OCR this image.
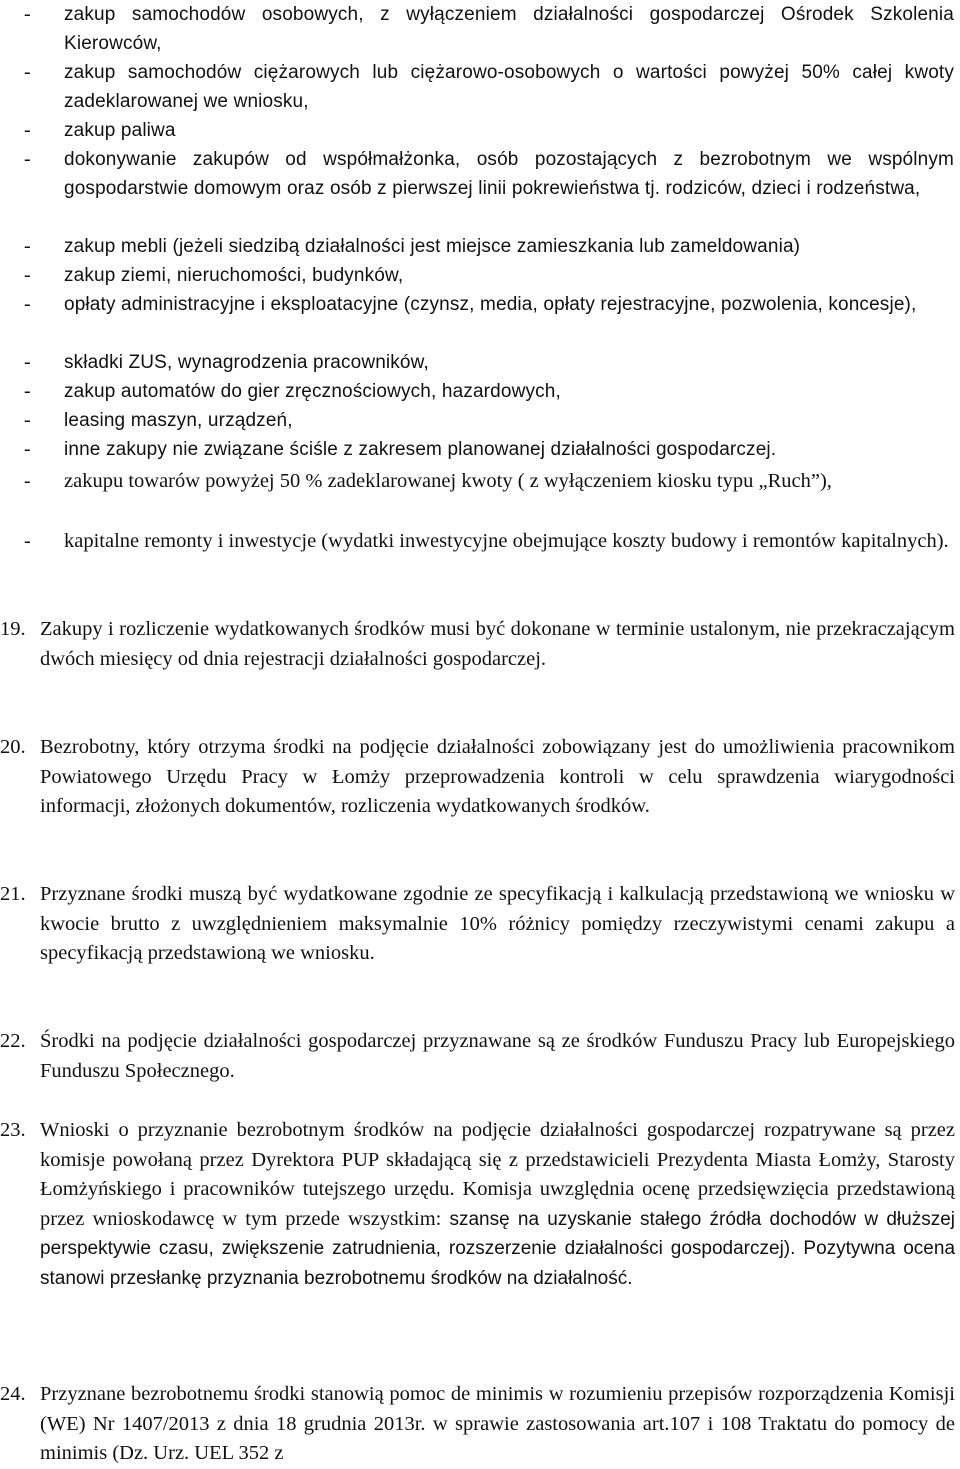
-	zakup samochodów osobowych, z wyłączeniem działalności gospodarczej Ośrodek Szkolenia Kierowców,
-	zakup samochodów ciężarowych lub ciężarowo-osobowych o wartości powyżej 50% całej kwoty zadeklarowanej we wniosku,
-	zakup paliwa
-	dokonywanie zakupów od współmałżonka, osób pozostających z bezrobotnym we wspólnym gospodarstwie domowym oraz osób z pierwszej linii pokrewieństwa tj. rodziców, dzieci i rodzeństwa,
-	zakup mebli (jeżeli siedzibą działalności jest miejsce zamieszkania lub zameldowania)
-	zakup ziemi, nieruchomości, budynków,
-	opłaty administracyjne i eksploatacyjne (czynsz, media, opłaty rejestracyjne, pozwolenia, koncesje),
-	składki ZUS, wynagrodzenia pracowników,
-	zakup automatów do gier zręcznościowych, hazardowych,
-	leasing maszyn, urządzeń,
-	inne zakupy nie związane ściśle z zakresem planowanej działalności gospodarczej.
-	zakupu towarów powyżej 50 % zadeklarowanej kwoty ( z wyłączeniem kiosku typu „Ruch”),
-	kapitalne remonty i inwestycje (wydatki inwestycyjne obejmujące koszty budowy i remontów kapitalnych).
19. Zakupy i rozliczenie wydatkowanych środków musi być dokonane w terminie ustalonym, nie przekraczającym dwóch miesięcy od dnia rejestracji działalności gospodarczej.
20. Bezrobotny, który otrzyma środki na podjęcie działalności zobowiązany jest do umożliwienia pracownikom Powiatowego Urzędu Pracy w Łomży przeprowadzenia kontroli w celu sprawdzenia wiarygodności informacji, złożonych dokumentów, rozliczenia wydatkowanych środków.
21. Przyznane środki muszą być wydatkowane zgodnie ze specyfikacją i kalkulacją przedstawioną we wniosku w kwocie brutto z uwzględnieniem maksymalnie 10% różnicy pomiędzy rzeczywistymi cenami zakupu a specyfikacją przedstawioną we wniosku.
22. Środki na podjęcie działalności gospodarczej przyznawane są ze środków Funduszu Pracy lub Europejskiego Funduszu Społecznego.
23. Wnioski o przyznanie bezrobotnym środków na podjęcie działalności gospodarczej rozpatrywane są przez komisje powołaną przez Dyrektora PUP składającą się z przedstawicieli Prezydenta Miasta Łomży, Starosty Łomżyńskiego i pracowników tutejszego urzędu. Komisja uwzględnia ocenę przedsięwzięcia przedstawioną przez wnioskodawcę w tym przede wszystkim: szansę na uzyskanie stałego źródła dochodów w dłuższej perspektywie czasu, zwiększenie zatrudnienia, rozszerzenie działalności gospodarczej). Pozytywna ocena stanowi przesłankę przyznania bezrobotnemu środków na działalność.
24. Przyznane bezrobotnemu środki stanowią pomoc de minimis w rozumieniu przepisów rozporządzenia Komisji (WE) Nr 1407/2013 z dnia 18 grudnia 2013r. w sprawie zastosowania art.107 i 108 Traktatu do pomocy de minimis (Dz. Urz. UEL 352 z
